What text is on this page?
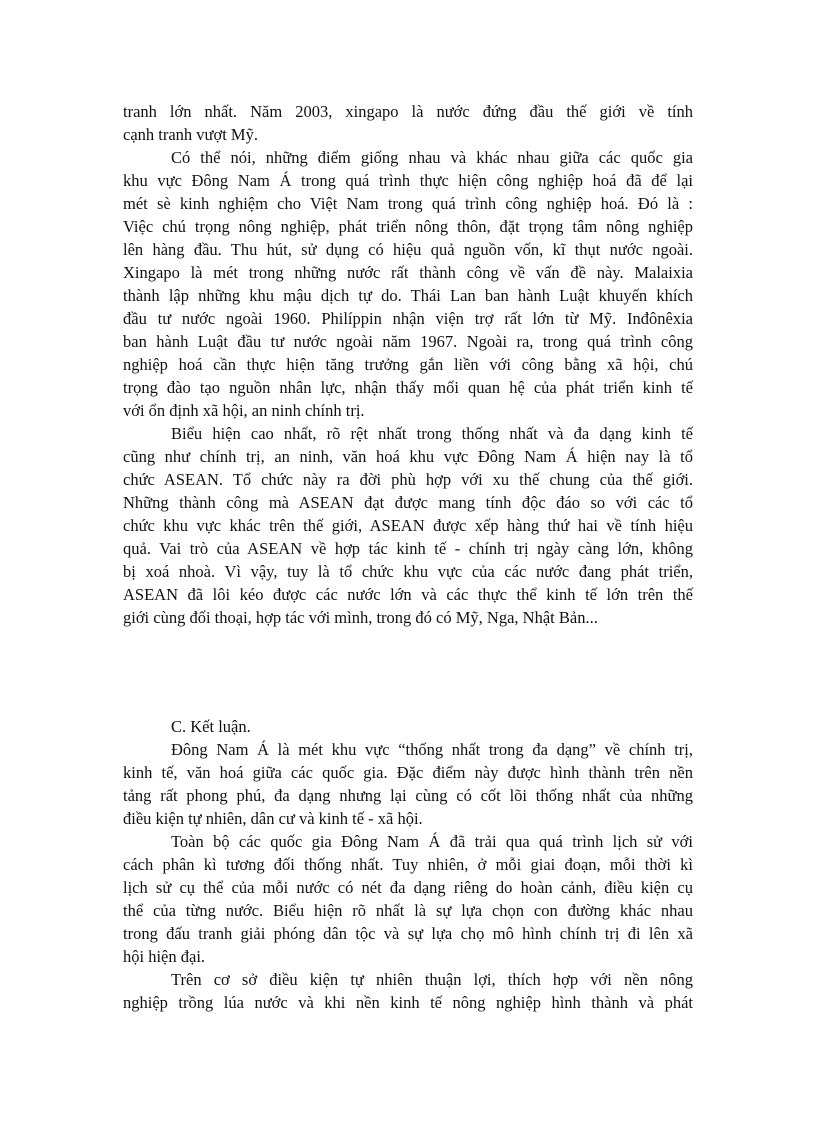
tranh lớn nhất. Năm 2003, xingapo là nước đứng đầu thế giới về tính
cạnh tranh vượt Mỹ.
Có thể nói, những điểm giống nhau và khác nhau giữa các quốc gia
khu vực Đông Nam Á trong quá trình thực hiện công nghiệp hoá đã để lại
mét sè kinh nghiệm cho Việt Nam trong quá trình công nghiệp hoá. Đó là :
Việc chú trọng nông nghiệp, phát triển nông thôn, đặt trọng tâm nông nghiệp
lên hàng đầu. Thu hút, sử dụng có hiệu quả nguồn vốn, kĩ thụt nước ngoài.
Xingapo là mét trong những nước rất thành công về vấn đề này. Malaixia
thành lập những khu mậu dịch tự do. Thái Lan ban hành Luật khuyến khích
đầu tư nước ngoài 1960. Philíppin nhận viện trợ rất lớn từ Mỹ. Inđônêxia
ban hành Luật đầu tư nước ngoài năm 1967. Ngoài ra, trong quá trình công
nghiệp hoá cần thực hiện tăng trưởng gắn liền với công bằng xã hội, chú
trọng đào tạo nguồn nhân lực, nhận thấy mối quan hệ của phát triển kinh tế
với ổn định xã hội, an ninh chính trị.
Biểu hiện cao nhất, rõ rệt nhất trong thống nhất và đa dạng kinh tế
cũng như chính trị, an ninh, văn hoá khu vực Đông Nam Á hiện nay là tổ
chức ASEAN. Tổ chức này ra đời phù hợp với xu thế chung của thế giới.
Những thành công mà ASEAN đạt được mang tính độc đáo so với các tổ
chức khu vực khác trên thế giới, ASEAN được xếp hàng thứ hai về tính hiệu
quả. Vai trò của ASEAN về hợp tác kinh tế - chính trị ngày càng lớn, không
bị xoá nhoà. Vì vậy, tuy là tổ chức khu vực của các nước đang phát triển,
ASEAN đã lôi kéo được các nước lớn và các thực thể kinh tế lớn trên thế
giới cùng đối thoại, hợp tác với mình, trong đó có Mỹ, Nga, Nhật Bản...
C. Kết luận.
Đông Nam Á là mét khu vực “thống nhất trong đa dạng” về chính trị,
kinh tế, văn hoá giữa các quốc gia. Đặc điểm này được hình thành trên nền
tảng rất phong phú, đa dạng nhưng lại cùng có cốt lõi thống nhất của những
điều kiện tự nhiên, dân cư và kinh tế - xã hội.
Toàn bộ các quốc gia Đông Nam Á đã trải qua quá trình lịch sử với
cách phân kì tương đối thống nhất. Tuy nhiên, ở mỗi giai đoạn, mỗi thời kì
lịch sử cụ thể của mỗi nước có nét đa dạng riêng do hoàn cảnh, điều kiện cụ
thể của từng nước. Biểu hiện rõ nhất là sự lựa chọn con đường khác nhau
trong đấu tranh giải phóng dân tộc và sự lựa chọ mô hình chính trị đi lên xã
hội hiện đại.
Trên cơ sở điều kiện tự nhiên thuận lợi, thích hợp với nền nông
nghiệp trồng lúa nước và khi nền kinh tế nông nghiệp hình thành và phát
